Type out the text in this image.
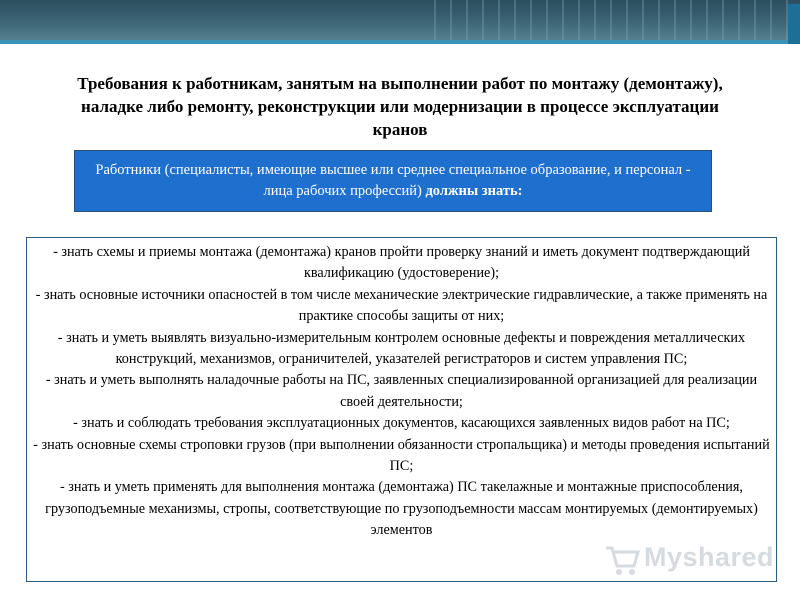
Требования к работникам, занятым на выполнении работ по монтажу (демонтажу), наладке либо ремонту, реконструкции или модернизации в процессе эксплуатации кранов
Работники (специалисты, имеющие высшее или среднее специальное образование, и персонал - лица рабочих профессий) должны знать:

- знать схемы и приемы монтажа (демонтажа) кранов пройти проверку знаний и иметь документ подтверждающий квалификацию (удостоверение);

- знать основные источники опасностей в том числе механические электрические гидравлические, а также применять на практике способы защиты от них;

- знать и уметь выявлять визуально-измерительным контролем основные дефекты и повреждения металлических конструкций, механизмов, ограничителей, указателей регистраторов и систем управления ПС;

- знать и уметь выполнять наладочные работы на ПС, заявленных специализированной организацией для реализации своей деятельности;

- знать и соблюдать требования эксплуатационных документов, касающихся заявленных видов работ на ПС;

- знать основные схемы строповки грузов (при выполнении обязанности стропальщика) и методы проведения испытаний ПС;

- знать и уметь применять для выполнения монтажа (демонтажа) ПС такелажные и монтажные приспособления, грузоподъемные механизмы, стропы, соответствующие по грузоподъемности массам монтируемых (демонтируемых) элементов

Myshared
